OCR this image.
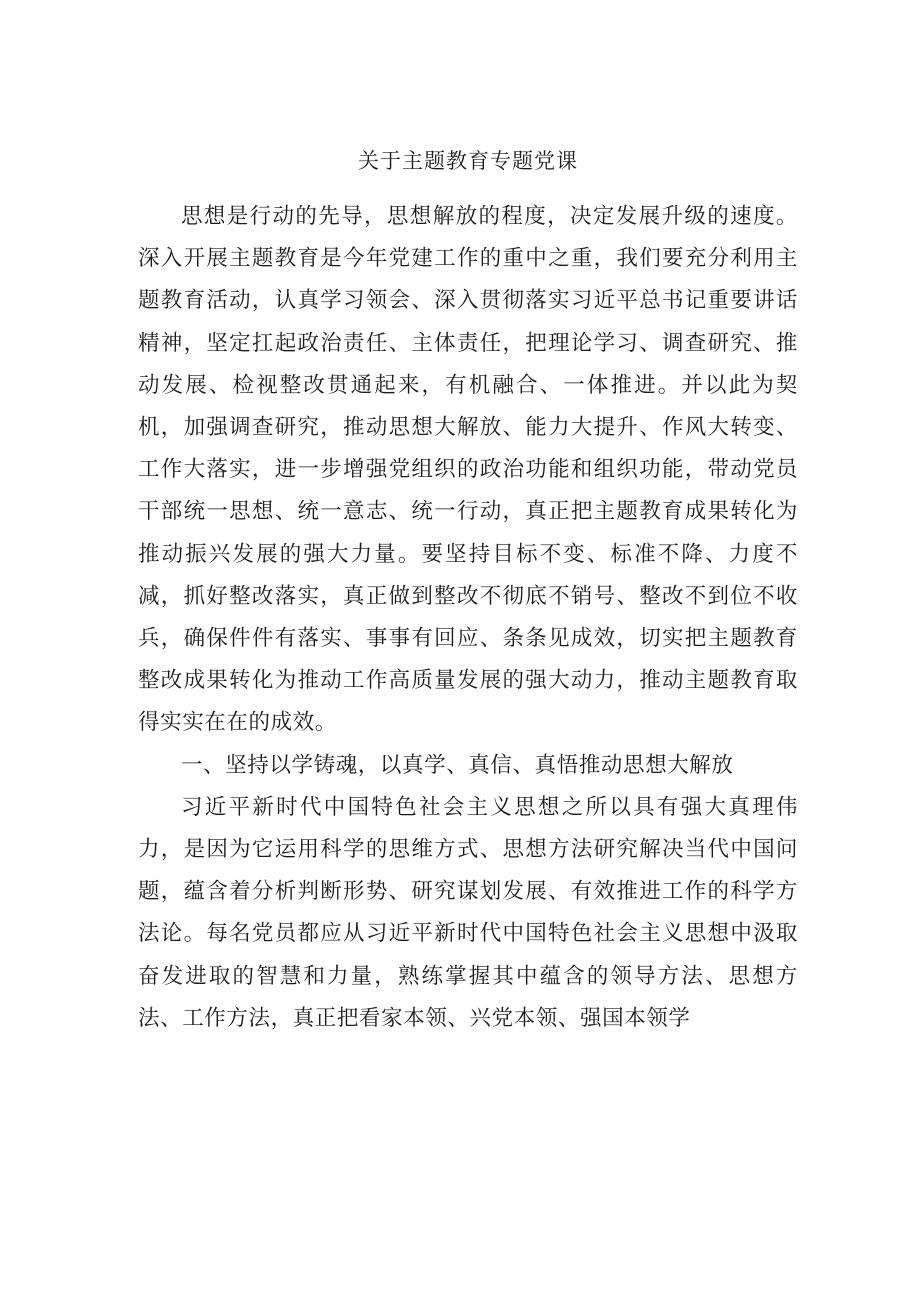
关于主题教育专题党课

思想是行动的先导，思想解放的程度，决定发展升级的速度。深入开展主题教育是今年党建工作的重中之重，我们要充分利用主题教育活动，认真学习领会、深入贯彻落实习近平总书记重要讲话精神，坚定扛起政治责任、主体责任，把理论学习、调查研究、推动发展、检视整改贯通起来，有机融合、一体推进。并以此为契机，加强调查研究，推动思想大解放、能力大提升、作风大转变、工作大落实，进一步增强党组织的政治功能和组织功能，带动党员干部统一思想、统一意志、统一行动，真正把主题教育成果转化为推动振兴发展的强大力量。要坚持目标不变、标准不降、力度不减，抓好整改落实，真正做到整改不彻底不销号、整改不到位不收兵，确保件件有落实、事事有回应、条条见成效，切实把主题教育整改成果转化为推动工作高质量发展的强大动力，推动主题教育取得实实在在的成效。

一、坚持以学铸魂，以真学、真信、真悟推动思想大解放

习近平新时代中国特色社会主义思想之所以具有强大真理伟力，是因为它运用科学的思维方式、思想方法研究解决当代中国问题，蕴含着分析判断形势、研究谋划发展、有效推进工作的科学方法论。每名党员都应从习近平新时代中国特色社会主义思想中汲取奋发进取的智慧和力量，熟练掌握其中蕴含的领导方法、思想方法、工作方法，真正把看家本领、兴党本领、强国本领学
